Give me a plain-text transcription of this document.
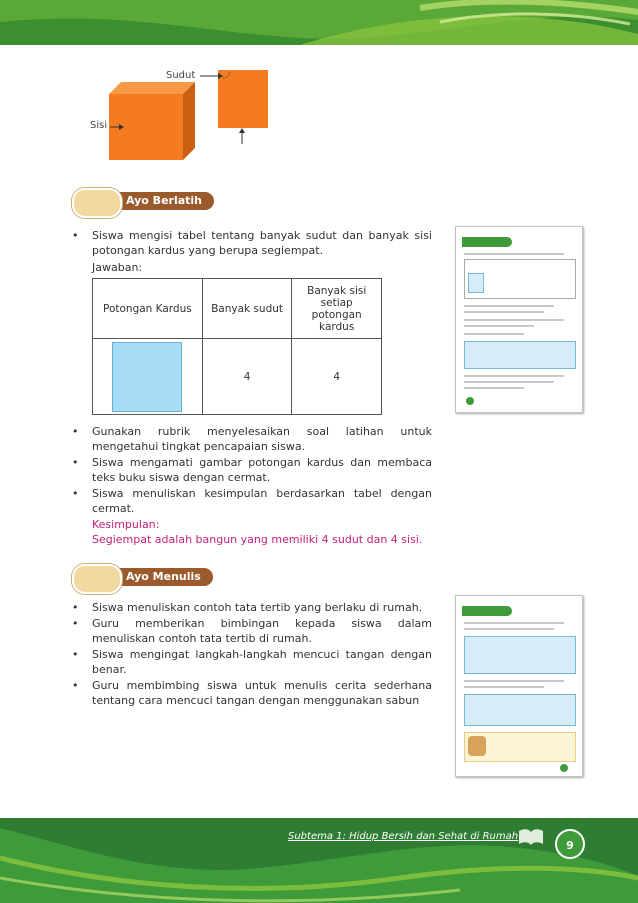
Sudut
Sisi
Ayo Berlatih
• Siswa mengisi tabel tentang banyak sudut dan banyak sisi potongan kardus yang berupa segiempat.
Jawaban:
Potongan Kardus	Banyak sudut	Banyak sisi setiap potongan kardus

	4	4
• Gunakan rubrik menyelesaikan soal latihan untuk mengetahui tingkat pencapaian siswa.
• Siswa mengamati gambar potongan kardus dan membaca teks buku siswa dengan cermat.
• Siswa menuliskan kesimpulan berdasarkan tabel dengan cermat.
Kesimpulan:
Segiempat adalah bangun yang memiliki 4 sudut dan 4 sisi.
Ayo Menulis
• Siswa menuliskan contoh tata tertib yang berlaku di rumah.
• Guru memberikan bimbingan kepada siswa dalam menuliskan contoh tata tertib di rumah.
• Siswa mengingat langkah-langkah mencuci tangan dengan benar.
• Guru membimbing siswa untuk menulis cerita sederhana tentang cara mencuci tangan dengan menggunakan sabun
Subtema 1: Hidup Bersih dan Sehat di Rumah
9
